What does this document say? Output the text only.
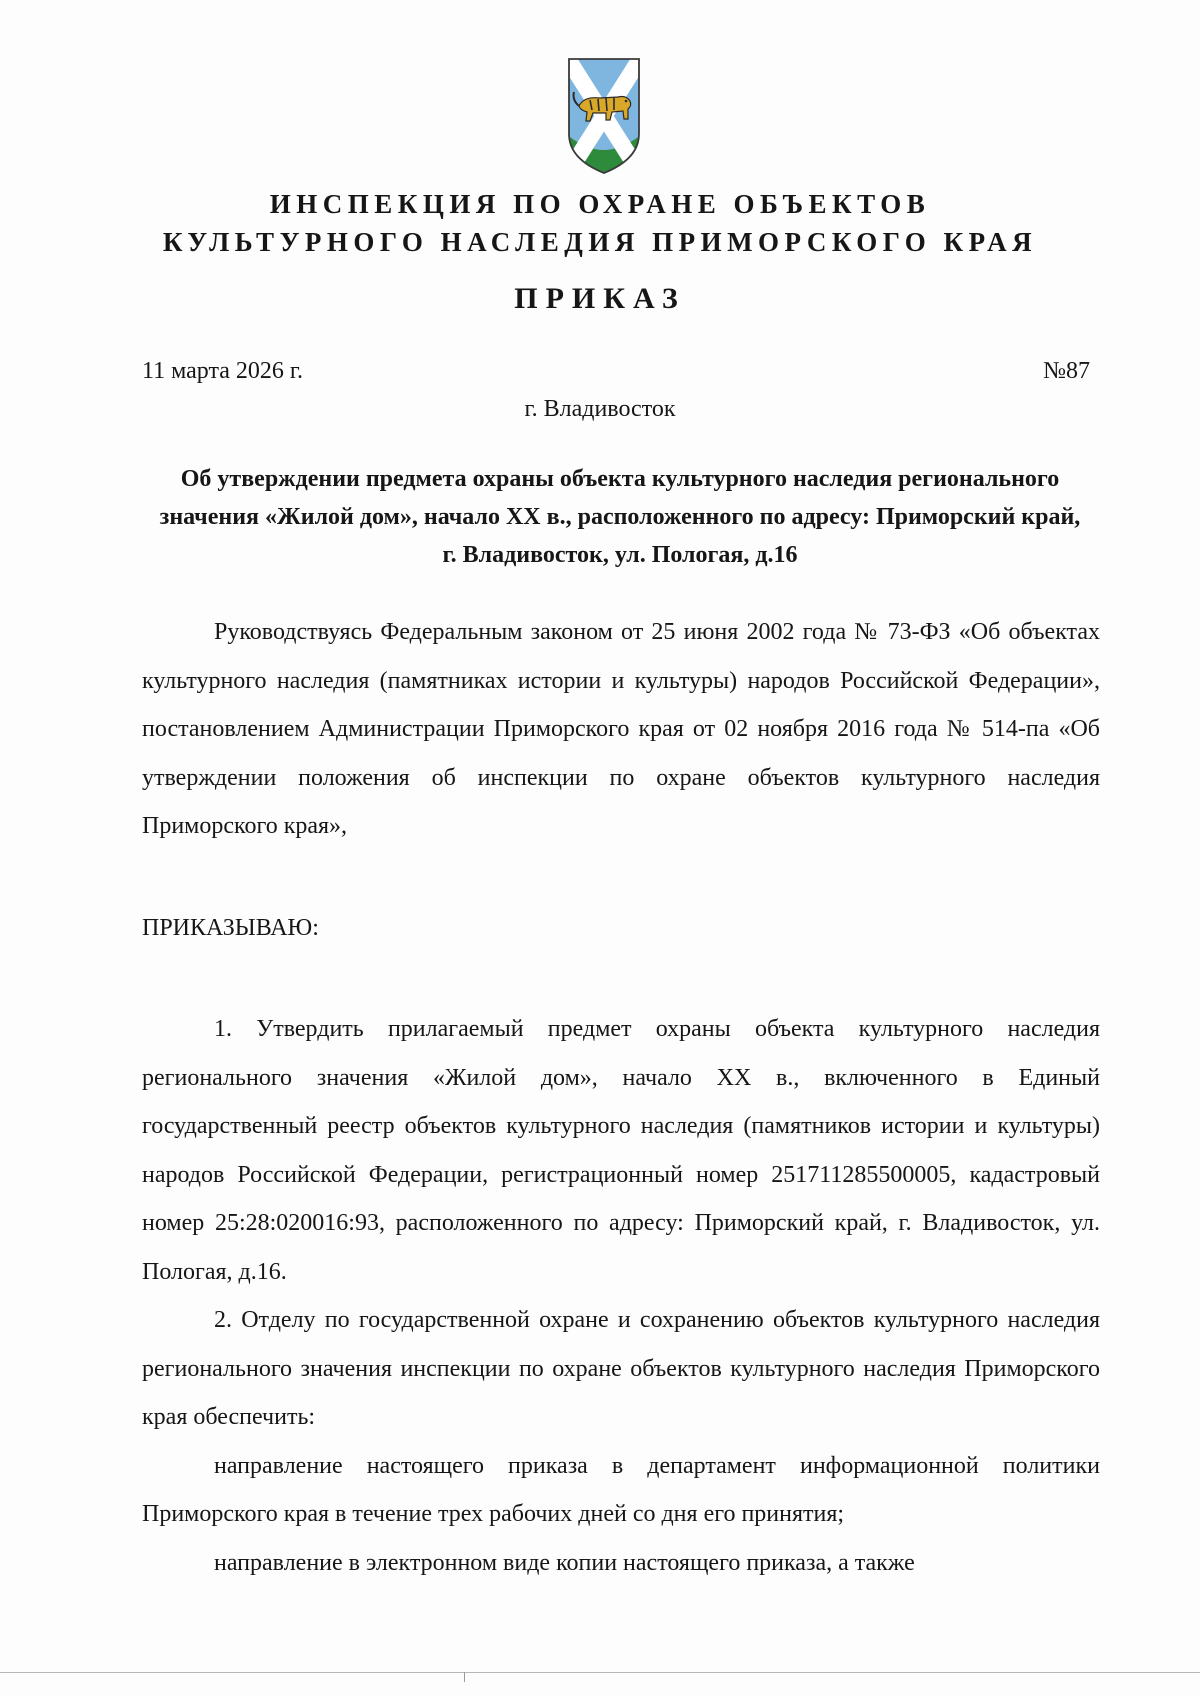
ИНСПЕКЦИЯ ПО ОХРАНЕ ОБЪЕКТОВ
КУЛЬТУРНОГО НАСЛЕДИЯ ПРИМОРСКОГО КРАЯ
ПРИКАЗ
11 марта 2026 г.	№87
г. Владивосток
Об утверждении предмета охраны объекта культурного наследия регионального значения «Жилой дом», начало XX в., расположенного по адресу: Приморский край, г. Владивосток, ул. Пологая, д.16

Руководствуясь Федеральным законом от 25 июня 2002 года № 73-ФЗ «Об объектах культурного наследия (памятниках истории и культуры) народов Российской Федерации», постановлением Администрации Приморского края от 02 ноября 2016 года № 514-па «Об утверждении положения об инспекции по охране объектов культурного наследия Приморского края»,

ПРИКАЗЫВАЮ:

1. Утвердить прилагаемый предмет охраны объекта культурного наследия регионального значения «Жилой дом», начало XX в., включенного в Единый государственный реестр объектов культурного наследия (памятников истории и культуры) народов Российской Федерации, регистрационный номер 251711285500005, кадастровый номер 25:28:020016:93, расположенного по адресу: Приморский край, г. Владивосток, ул. Пологая, д.16.

2. Отделу по государственной охране и сохранению объектов культурного наследия регионального значения инспекции по охране объектов культурного наследия Приморского края обеспечить:

направление настоящего приказа в департамент информационной политики Приморского края в течение трех рабочих дней со дня его принятия;

направление в электронном виде копии настоящего приказа, а также
